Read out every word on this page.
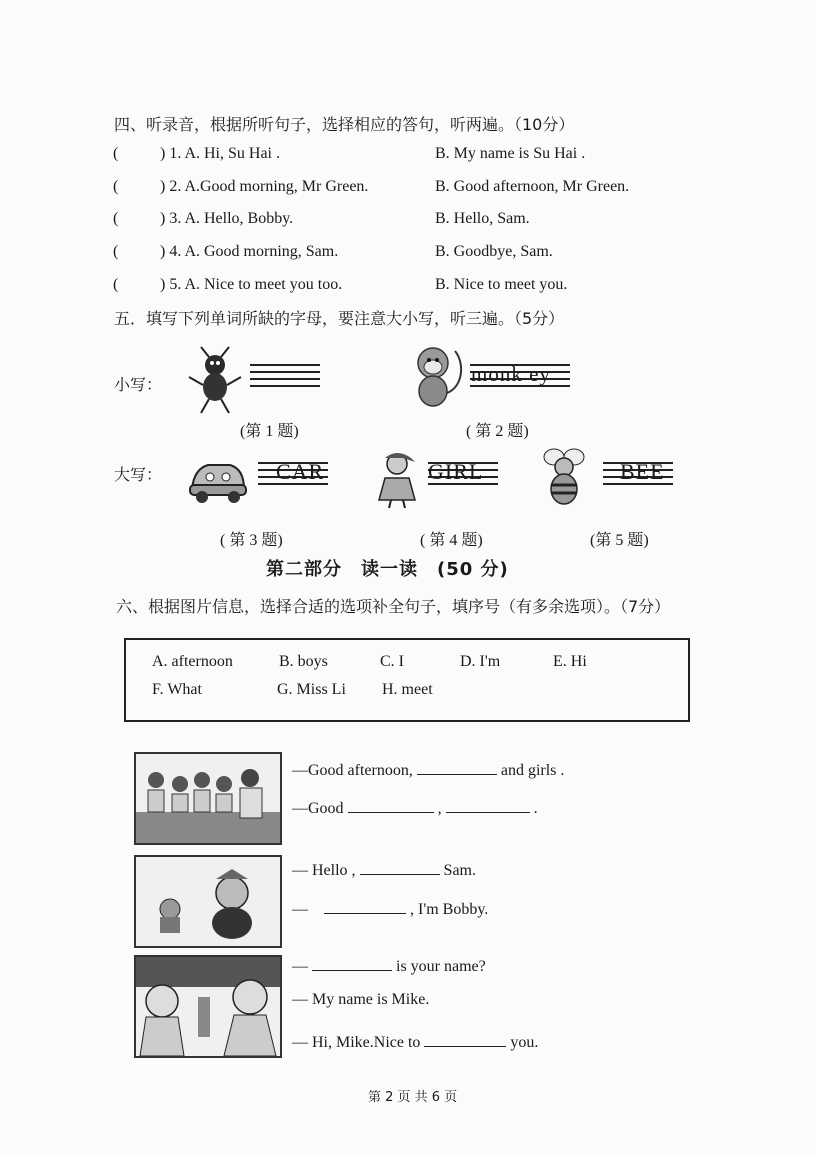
四、听录音，根据所听句子，选择相应的答句，听两遍。（10分）
(	) 1. A. Hi, Su Hai .	B. My name is Su Hai .
(	) 2. A.Good morning, Mr Green.	B. Good afternoon, Mr Green.
(	) 3. A. Hello, Bobby.	B. Hello, Sam.
(	) 4. A. Good morning, Sam.	B. Goodbye, Sam.
(	) 5. A. Nice to meet you too.	B. Nice to meet you.
五．填写下列单词所缺的字母，要注意大小写，听三遍。（5分）
小写：
大写：
monk ey
(第 1 题)	( 第 2 题)
CAR	GIRL	BEE
( 第 3 题)	( 第 4 题)	(第 5 题)
第二部分　读一读　(50 分)
六、根据图片信息，选择合适的选项补全句子，填序号（有多余选项）。（7分）
A. afternoon	B. boys	C. I	D. I'm	E. Hi
F. What	G. Miss Li H. meet
—Good afternoon,	and girls .
—Good	,	.
— Hello ,	Sam.
—	, I'm Bobby.
—	is your name?
— My name is Mike.
— Hi, Mike.Nice to	you.
第 2 页 共 6 页
